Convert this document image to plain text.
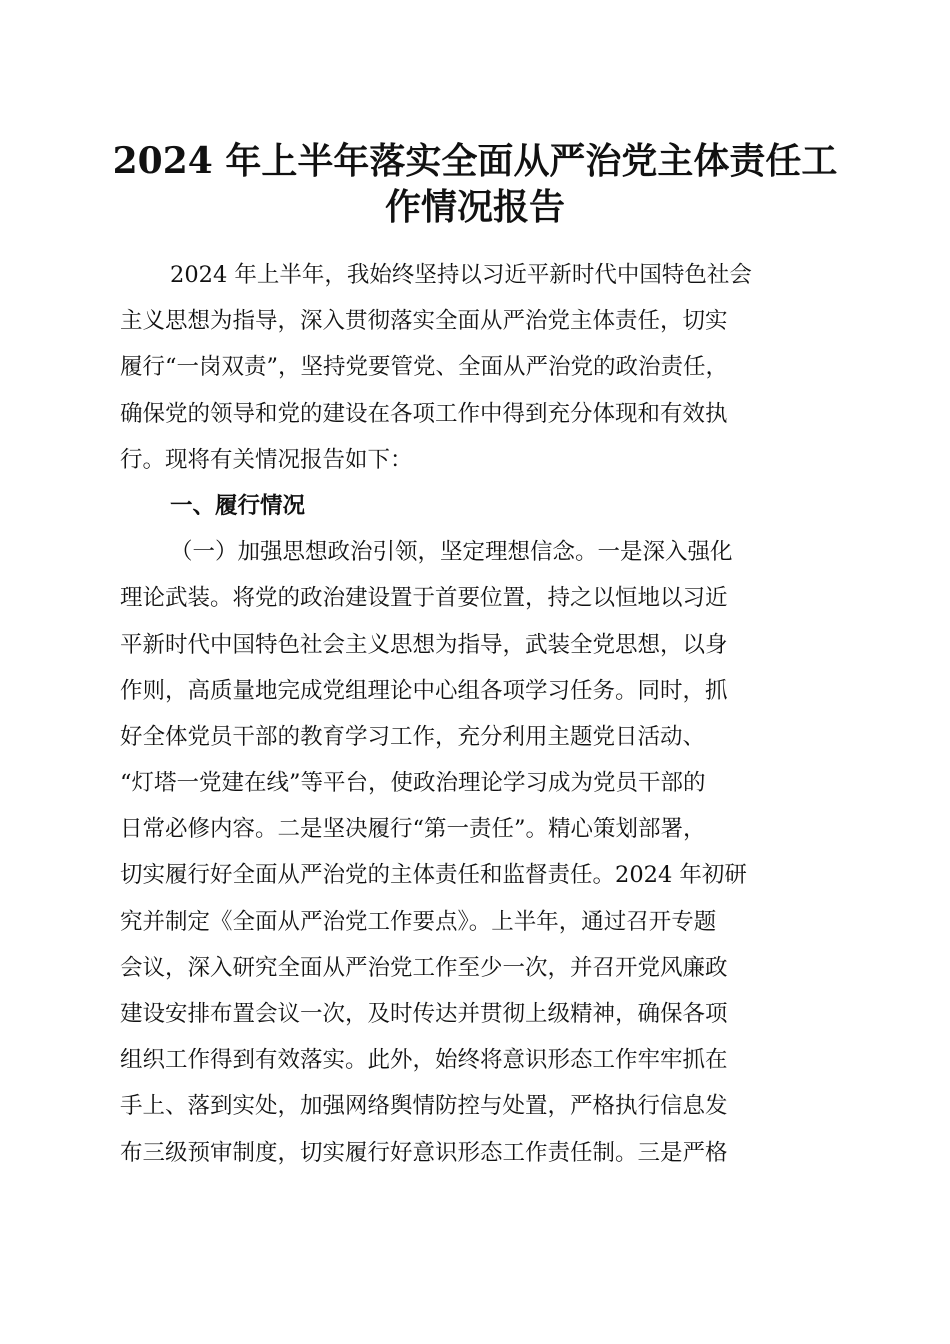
2024 年上半年落实全面从严治党主体责任工
作情况报告
2024 年上半年，我始终坚持以习近平新时代中国特色社会
主义思想为指导，深入贯彻落实全面从严治党主体责任，切实
履行“一岗双责”，坚持党要管党、全面从严治党的政治责任，
确保党的领导和党的建设在各项工作中得到充分体现和有效执
行。现将有关情况报告如下：
一、履行情况
（一）加强思想政治引领，坚定理想信念。一是深入强化
理论武装。将党的政治建设置于首要位置，持之以恒地以习近
平新时代中国特色社会主义思想为指导，武装全党思想，以身
作则，高质量地完成党组理论中心组各项学习任务。同时，抓
好全体党员干部的教育学习工作，充分利用主题党日活动、
“灯塔一党建在线”等平台，使政治理论学习成为党员干部的
日常必修内容。二是坚决履行“第一责任”。精心策划部署，
切实履行好全面从严治党的主体责任和监督责任。2024 年初研
究并制定《全面从严治党工作要点》。上半年，通过召开专题
会议，深入研究全面从严治党工作至少一次，并召开党风廉政
建设安排布置会议一次，及时传达并贯彻上级精神，确保各项
组织工作得到有效落实。此外，始终将意识形态工作牢牢抓在
手上、落到实处，加强网络舆情防控与处置，严格执行信息发
布三级预审制度，切实履行好意识形态工作责任制。三是严格
